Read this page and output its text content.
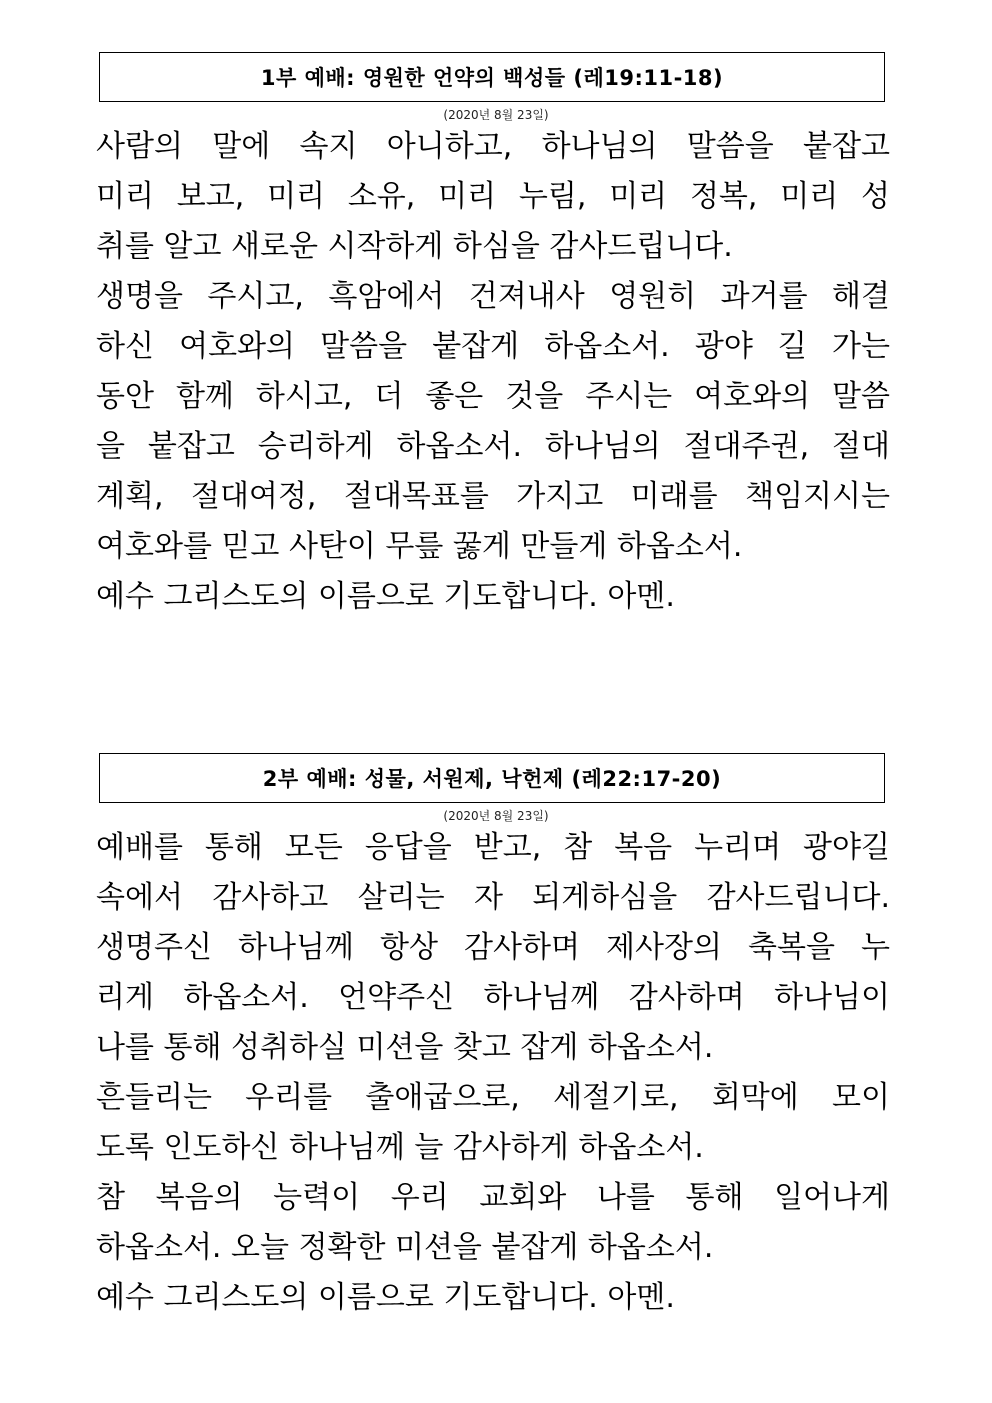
1부 예배: 영원한 언약의 백성들 (레19:11-18)
(2020년 8월 23일)
사람의 말에 속지 아니하고, 하나님의 말씀을 붙잡고
미리 보고, 미리 소유, 미리 누림, 미리 정복, 미리 성
취를 알고 새로운 시작하게 하심을 감사드립니다.
생명을 주시고, 흑암에서 건져내사 영원히 과거를 해결
하신 여호와의 말씀을 붙잡게 하옵소서. 광야 길 가는
동안 함께 하시고, 더 좋은 것을 주시는 여호와의 말씀
을 붙잡고 승리하게 하옵소서. 하나님의 절대주권, 절대
계획, 절대여정, 절대목표를 가지고 미래를 책임지시는
여호와를 믿고 사탄이 무릎 꿇게 만들게 하옵소서.
예수 그리스도의 이름으로 기도합니다. 아멘.
2부 예배: 성물, 서원제, 낙헌제 (레22:17-20)
(2020년 8월 23일)
예배를 통해 모든 응답을 받고, 참 복음 누리며 광야길
속에서 감사하고 살리는 자 되게하심을 감사드립니다.
생명주신 하나님께 항상 감사하며 제사장의 축복을 누
리게 하옵소서. 언약주신 하나님께 감사하며 하나님이
나를 통해 성취하실 미션을 찾고 잡게 하옵소서.
흔들리는 우리를 출애굽으로, 세절기로, 회막에 모이
도록 인도하신 하나님께 늘 감사하게 하옵소서.
참 복음의 능력이 우리 교회와 나를 통해 일어나게
하옵소서. 오늘 정확한 미션을 붙잡게 하옵소서.
예수 그리스도의 이름으로 기도합니다. 아멘.
